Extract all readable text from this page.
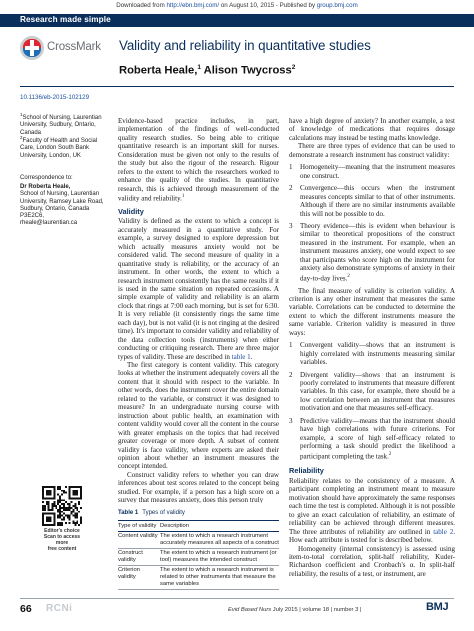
Downloaded from http://ebn.bmj.com/ on August 10, 2015 - Published by group.bmj.com
Research made simple
CrossMark Validity and reliability in quantitative studies
Roberta Heale,$^1$ Alison Twycross$^2$
10.1136/eb-2015-102129
$^1$School of Nursing, Laurentian University, Sudbury, Ontario, Canada
$^2$Faculty of Health and Social Care, London South Bank University, London, UK
Correspondence to:
Dr Roberta Heale,
School of Nursing, Laurentian
University, Ramsey Lake Road,
Sudbury, Ontario, Canada
P3E2C6,
rheale@laurentian.ca

Evidence-based practice includes, in part, implementation of the findings of well-conducted quality research studies. So being able to critique quantitative research is an important skill for nurses. Consideration must be given not only to the results of the study but also the rigour of the research. Rigour refers to the extent to which the researchers worked to enhance the quality of the studies. In quantitative research, this is achieved through measurement of the validity and reliability.$^1$

Validity

Validity is defined as the extent to which a concept is accurately measured in a quantitative study. For example, a survey designed to explore depression but which actually measures anxiety would not be considered valid. The second measure of quality in a quantitative study is reliability, or the accuracy of an instrument. In other words, the extent to which a research instrument consistently has the same results if it is used in the same situation on repeated occasions. A simple example of validity and reliability is an alarm clock that rings at 7:00 each morning, but is set for 6:30. It is very reliable (it consistently rings the same time each day), but is not valid (it is not ringing at the desired time). It's important to consider validity and reliability of the data collection tools (instruments) when either conducting or critiquing research. There are three major types of validity. These are described in table 1.

The first category is content validity. This category looks at whether the instrument adequately covers all the content that it should with respect to the variable. In other words, does the instrument cover the entire domain related to the variable, or construct it was designed to measure? In an undergraduate nursing course with instruction about public health, an examination with content validity would cover all the content in the course with greater emphasis on the topics that had received greater coverage or more depth. A subset of content validity is face validity, where experts are asked their opinion about whether an instrument measures the concept intended.

Construct validity refers to whether you can draw inferences about test scores related to the concept being studied. For example, if a person has a high score on a survey that measures anxiety, does this person truly

have a high degree of anxiety? In another example, a test of knowledge of medications that requires dosage calculations may instead be testing maths knowledge.

There are three types of evidence that can be used to demonstrate a research instrument has construct validity:

1 Homogeneity—meaning that the instrument measures one construct.
2 Convergence—this occurs when the instrument measures concepts similar to that of other instruments. Although if there are no similar instruments available this will not be possible to do.
3 Theory evidence—this is evident when behaviour is similar to theoretical propositions of the construct measured in the instrument. For example, when an instrument measures anxiety, one would expect to see that participants who score high on the instrument for anxiety also demonstrate symptoms of anxiety in their day-to-day lives.$^2$

The final measure of validity is criterion validity. A criterion is any other instrument that measures the same variable. Correlations can be conducted to determine the extent to which the different instruments measure the same variable. Criterion validity is measured in three ways:

1 Convergent validity—shows that an instrument is highly correlated with instruments measuring similar variables.
2 Divergent validity—shows that an instrument is poorly correlated to instruments that measure different variables. In this case, for example, there should be a low correlation between an instrument that measures motivation and one that measures self-efficacy.
3 Predictive validity—means that the instrument should have high correlations with future criterions. For example, a score of high self-efficacy related to performing a task should predict the likelihood a participant completing the task.$^2$
Reliability

Reliability relates to the consistency of a measure. A participant completing an instrument meant to measure motivation should have approximately the same responses each time the test is completed. Although it is not possible to give an exact calculation of reliability, an estimate of reliability can be achieved through different measures. The three attributes of reliability are outlined in table 2. How each attribute is tested for is described below.

Homogeneity (internal consistency) is assessed using item-to-total correlation, split-half reliability, Kuder-Richardson coefficient and Cronbach's α. In split-half reliability, the results of a test, or instrument, are

Editor's choice
Scan to access more
free content
Table 1 Types of validity
Type of validity Description
Content validity The extent to which a research instrument accurately measures all aspects of a construct
Construct validity
The extent to which a research instrument (or tool) measures the intended construct
Criterion validity
The extent to which a research instrument is related to other instruments that measure the same variables
66 RCNi	Evid Based Nurs July 2015 | volume 18 | number 3 |	BMJ
